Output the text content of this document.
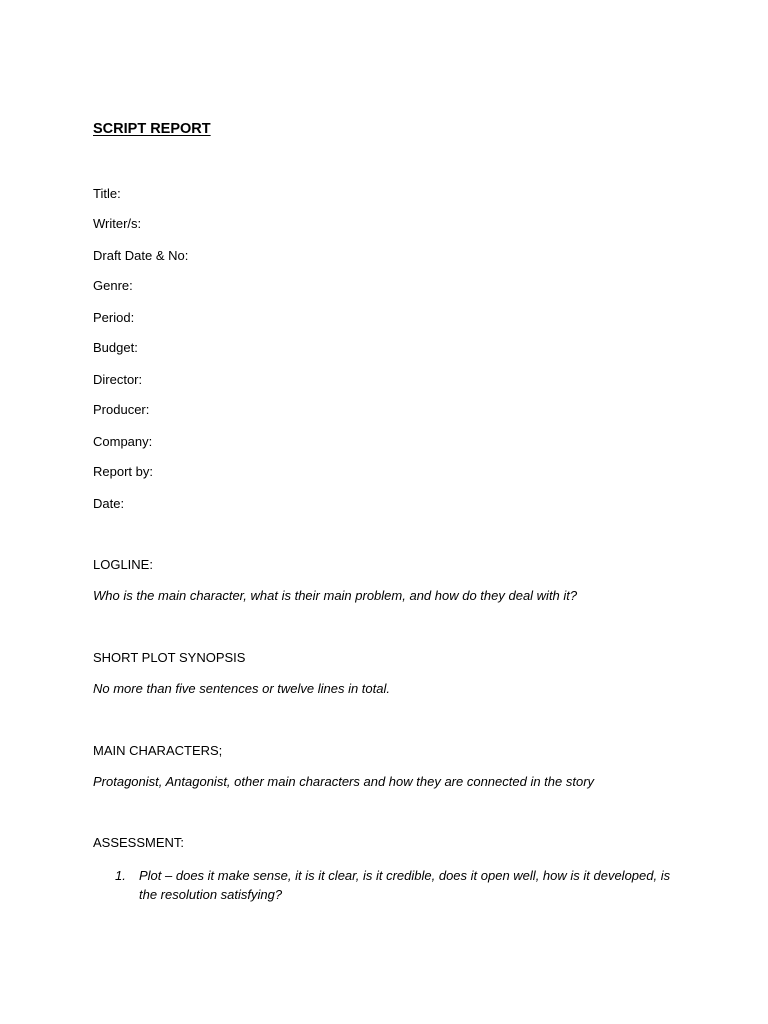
SCRIPT REPORT
Title:
Writer/s:
Draft Date & No:
Genre:
Period:
Budget:
Director:
Producer:
Company:
Report by:
Date:
LOGLINE:
Who is the main character, what is their main problem, and how do they deal with it?
SHORT PLOT SYNOPSIS
No more than five sentences or twelve lines in total.
MAIN CHARACTERS;
Protagonist, Antagonist, other main characters and how they are connected in the story
ASSESSMENT:
1. Plot – does it make sense, it is it clear, is it credible, does it open well, how is it developed, is the resolution satisfying?
